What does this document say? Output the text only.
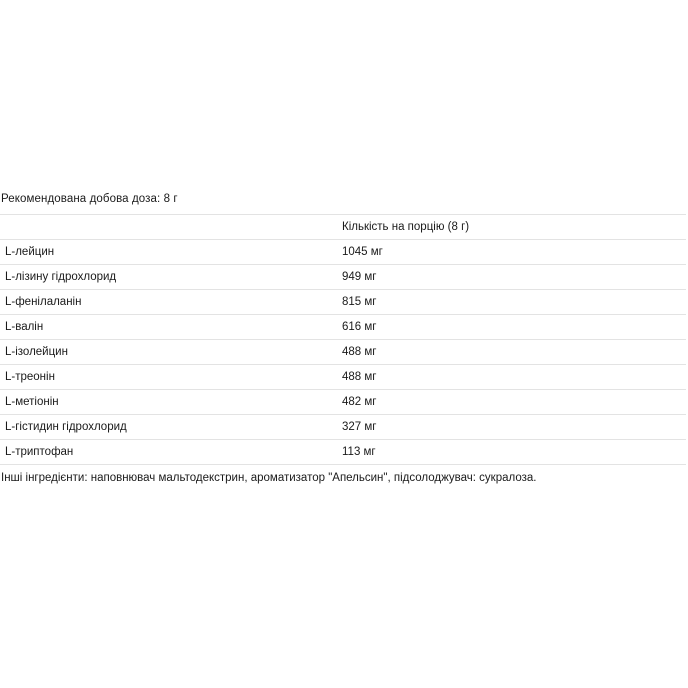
Рекомендована добова доза: 8 г
	Кількість на порцію (8 г)
L-лейцин	1045 мг
L-лізину гідрохлорид	949 мг
L-фенілаланін	815 мг
L-валін	616 мг
L-ізолейцин	488 мг
L-треонін	488 мг
L-метіонін	482 мг
L-гістидин гідрохлорид	327 мг
L-триптофан	113 мг
Інші інгредієнти: наповнювач мальтодекстрин, ароматизатор "Апельсин", підсолоджувач: сукралоза.
